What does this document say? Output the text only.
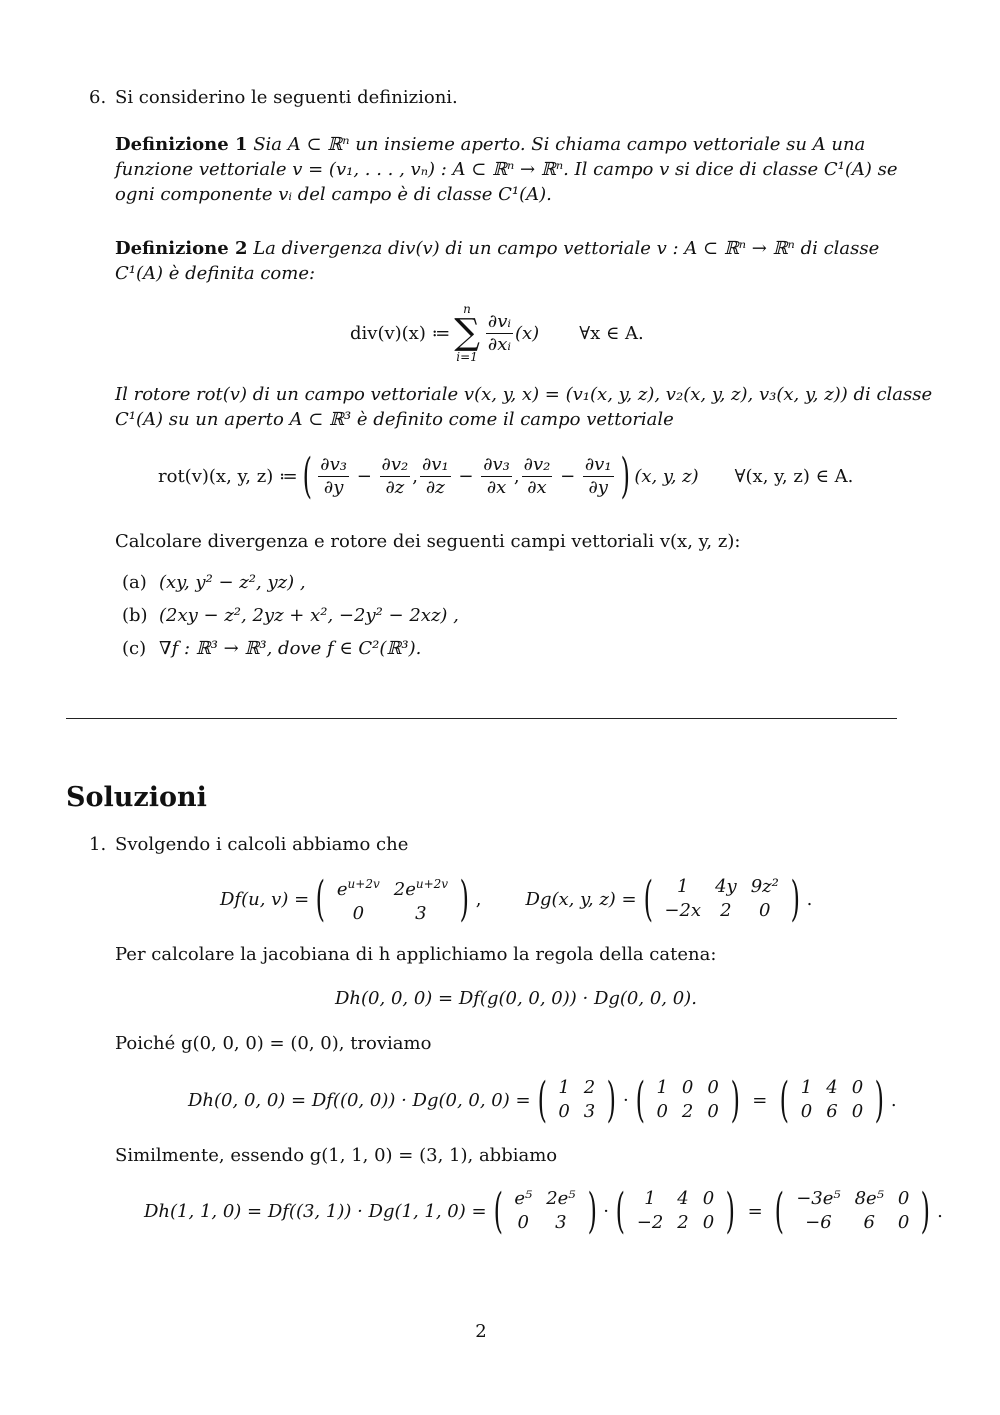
6. Si considerino le seguenti definizioni.
Definizione 1 Sia A ⊂ ℝⁿ un insieme aperto. Si chiama campo vettoriale su A una
funzione vettoriale v = (v₁, . . . , vₙ) : A ⊂ ℝⁿ → ℝⁿ. Il campo v si dice di classe C¹(A) se
ogni componente vᵢ del campo è di classe C¹(A).
Definizione 2 La divergenza div(v) di un campo vettoriale v : A ⊂ ℝⁿ → ℝⁿ di classe
C¹(A) è definita come:
div(v)(x) ≔
n
∑
i=1
$\frac{\text{∂vᵢ}}{\text{∂xᵢ}} (x)$ ∀x ∈ A.
Il rotore rot(v) di un campo vettoriale v(x, y, x) = (v₁(x, y, z), v₂(x, y, z), v₃(x, y, z)) di classe
C¹(A) su un aperto A ⊂ ℝ³ è definito come il campo vettoriale
rot(v)(x, y, z) ≔ ( $\frac{\text{∂v₃}}{\partial y} - \frac{\text{∂v₂}}{\partial z}$ , $\frac{\text{∂v₁}}{\partial z} - \frac{\text{∂v₃}}{\partial x}$ , $\frac{\text{∂v₂}}{\partial x} - \frac{\text{∂v₁}}{\partial y}$ ) (x, y, z) ∀(x, y, z) ∈ A.
Calcolare divergenza e rotore dei seguenti campi vettoriali v(x, y, z):
(a) (xy, y² − z², yz) ,
(b) (2xy − z², 2yz + x², −2y² − 2xz) ,
(c) ∇f : ℝ³ → ℝ³, dove f ∈ C²(ℝ³).
Soluzioni
1. Svolgendo i calcoli abbiamo che
Df(u, v) = ( $e^{u+2v}$	$2e^{u+2v}$
0	3 ) , Dg(x, y, z) = ( 1	4y	9z²
−2x	2	0 ) .
Per calcolare la jacobiana di h applichiamo la regola della catena:
Dh(0, 0, 0) = Df(g(0, 0, 0)) · Dg(0, 0, 0).
Poiché g(0, 0, 0) = (0, 0), troviamo
Dh(0, 0, 0) = Df((0, 0)) · Dg(0, 0, 0) = ( 1	2
0	3 ) · ( 1	0	0
0	2	0 ) = ( 1	4	0
0	6	0 ) .
Similmente, essendo g(1, 1, 0) = (3, 1), abbiamo
Dh(1, 1, 0) = Df((3, 1)) · Dg(1, 1, 0) = ( e⁵	2e⁵
0	3 ) · ( 1	4	0
−2	2	0 ) = ( −3e⁵	8e⁵	0
−6	6	0 ) .
2
